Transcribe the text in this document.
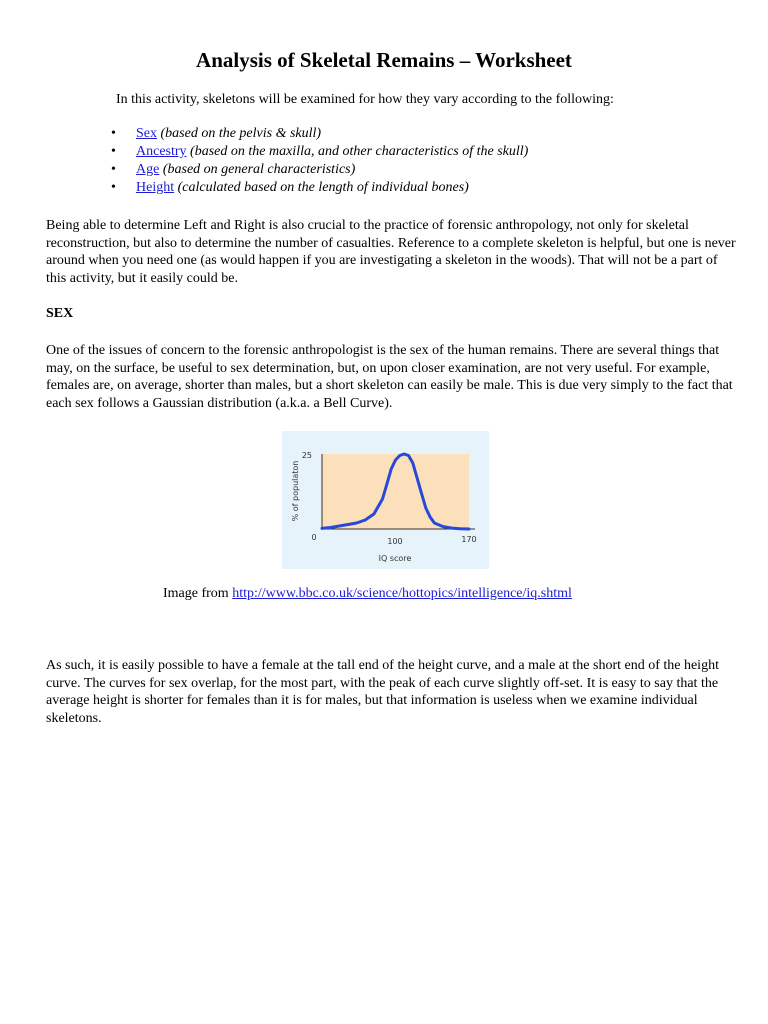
Analysis of Skeletal Remains – Worksheet

In this activity, skeletons will be examined for how they vary according to the following:

• Sex (based on the pelvis & skull)
• Ancestry (based on the maxilla, and other characteristics of the skull)
• Age (based on general characteristics)
• Height (calculated based on the length of individual bones)

Being able to determine Left and Right is also crucial to the practice of forensic anthropology, not only for skeletal reconstruction, but also to determine the number of casualties. Reference to a complete skeleton is helpful, but one is never around when you need one (as would happen if you are investigating a skeleton in the woods). That will not be a part of this activity, but it easily could be.

SEX

One of the issues of concern to the forensic anthropologist is the sex of the human remains. There are several things that may, on the surface, be useful to sex determination, but, on upon closer examination, are not very useful. For example, females are, on average, shorter than males, but a short skeleton can easily be male. This is due very simply to the fact that each sex follows a Gaussian distribution (a.k.a. a Bell Curve).

25
0	100	170
IQ score
% of populaton

Image from http://www.bbc.co.uk/science/hottopics/intelligence/iq.shtml

As such, it is easily possible to have a female at the tall end of the height curve, and a male at the short end of the height curve. The curves for sex overlap, for the most part, with the peak of each curve slightly off-set. It is easy to say that the average height is shorter for females than it is for males, but that information is useless when we examine individual skeletons.
